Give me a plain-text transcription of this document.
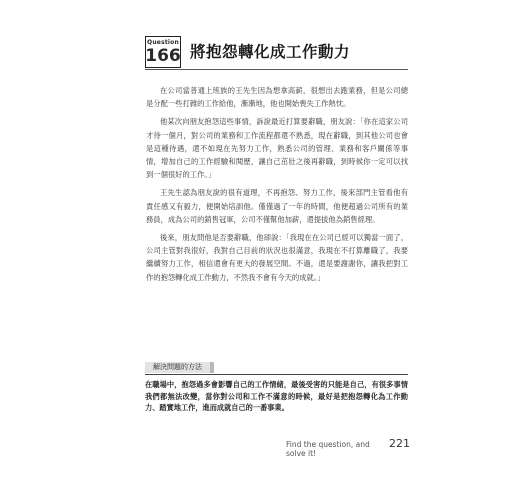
Question
166 將抱怨轉化成工作動力

在公司當普通上班族的王先生因為想拿高薪，很想出去跑業務，但是公司總是分配一些打雜的工作給他，漸漸地，他也開始喪失工作熱忱。

他某次向朋友抱怨這些事情，訴說最近打算要辭職，朋友說：「你在這家公司才待一個月，對公司的業務和工作流程都還不熟悉，現在辭職，到其他公司也會是這種待遇，還不如現在先努力工作，熟悉公司的管理、業務和客戶關係等事情，增加自己的工作經驗和閱歷，讓自己茁壯之後再辭職，到時候你一定可以找到一個很好的工作。」

王先生認為朋友說的很有道理，不再抱怨、努力工作，後來部門主管看他有責任感又有毅力，便開始培訓他。僅僅過了一年的時間，他便超過公司所有的業務員，成為公司的銷售冠軍，公司不僅幫他加薪，還提拔他為銷售經理。

後來，朋友問他是否要辭職，他卻說：「我現在在公司已經可以獨當一面了，公司主管對我很好，我對自己目前的狀況也很滿意，我現在不打算離職了，我要繼續努力工作，相信還會有更大的發展空間。不過，還是要謝謝你，讓我把對工作的抱怨轉化成工作動力，不然我不會有今天的成就。」

解決問題的方法
在職場中，抱怨過多會影響自己的工作情緒，最後受害的只能是自己，有很多事情我們都無法改變，當你對公司和工作不滿意的時候，最好是把抱怨轉化為工作動力、踏實地工作，進而成就自己的一番事業。
Find the question, and solve it!
221
